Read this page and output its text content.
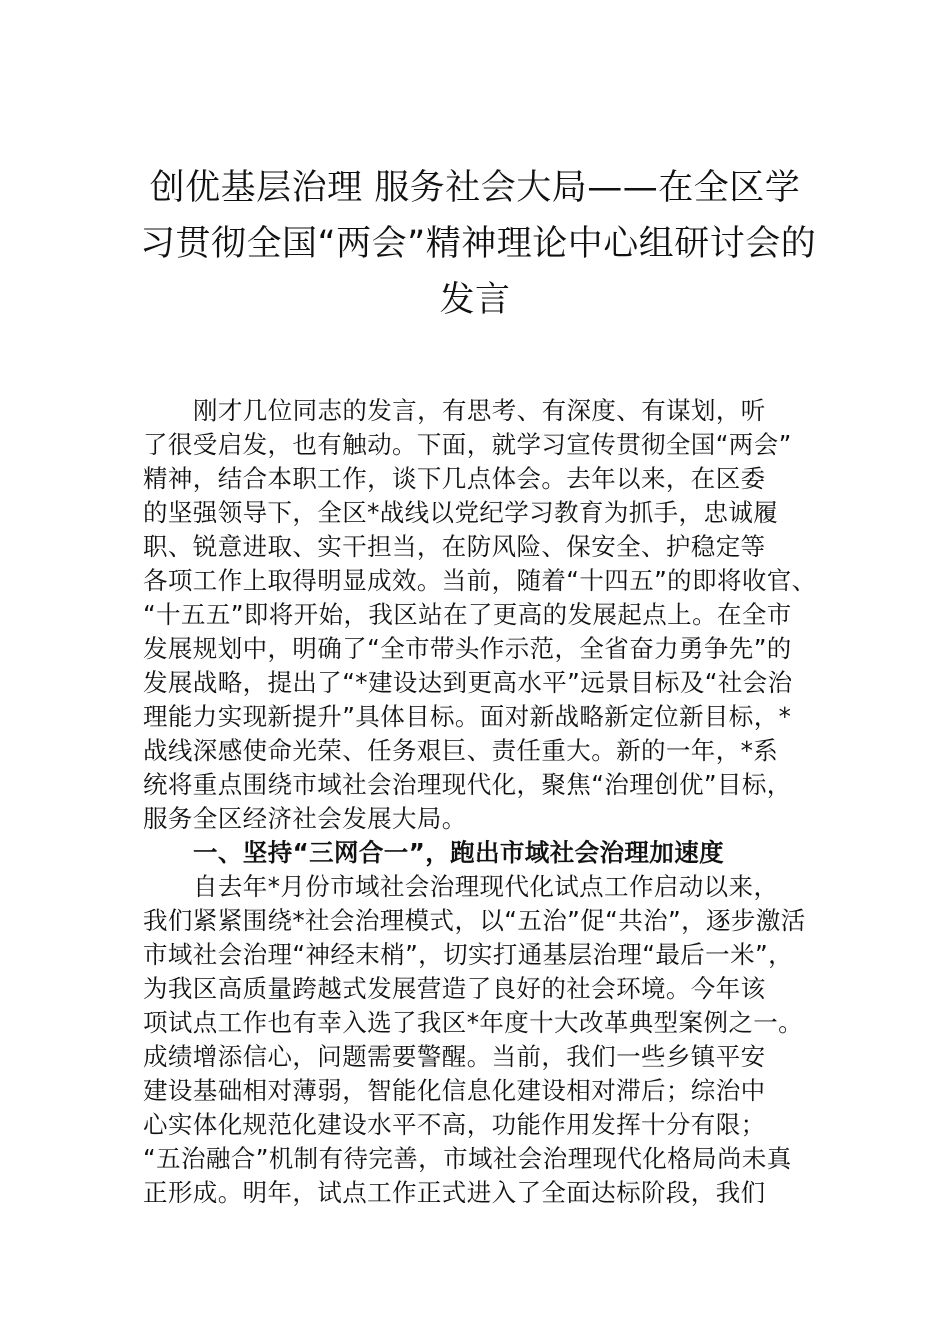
创优基层治理 服务社会大局——在全区学
习贯彻全国“两会”精神理论中心组研讨会的
发言
刚才几位同志的发言，有思考、有深度、有谋划，听
了很受启发，也有触动。下面，就学习宣传贯彻全国“两会”
精神，结合本职工作，谈下几点体会。去年以来，在区委
的坚强领导下，全区*战线以党纪学习教育为抓手，忠诚履
职、锐意进取、实干担当，在防风险、保安全、护稳定等
各项工作上取得明显成效。当前，随着“十四五”的即将收官、
“十五五”即将开始，我区站在了更高的发展起点上。在全市
发展规划中，明确了“全市带头作示范，全省奋力勇争先”的
发展战略，提出了“*建设达到更高水平”远景目标及“社会治
理能力实现新提升”具体目标。面对新战略新定位新目标，*
战线深感使命光荣、任务艰巨、责任重大。新的一年，*系
统将重点围绕市域社会治理现代化，聚焦“治理创优”目标，
服务全区经济社会发展大局。
一、坚持“三网合一”，跑出市域社会治理加速度
自去年*月份市域社会治理现代化试点工作启动以来，
我们紧紧围绕*社会治理模式，以“五治”促“共治”，逐步激活
市域社会治理“神经末梢”，切实打通基层治理“最后一米”，
为我区高质量跨越式发展营造了良好的社会环境。今年该
项试点工作也有幸入选了我区*年度十大改革典型案例之一。
成绩增添信心，问题需要警醒。当前，我们一些乡镇平安
建设基础相对薄弱，智能化信息化建设相对滞后；综治中
心实体化规范化建设水平不高，功能作用发挥十分有限；
“五治融合”机制有待完善，市域社会治理现代化格局尚未真
正形成。明年，试点工作正式进入了全面达标阶段，我们
